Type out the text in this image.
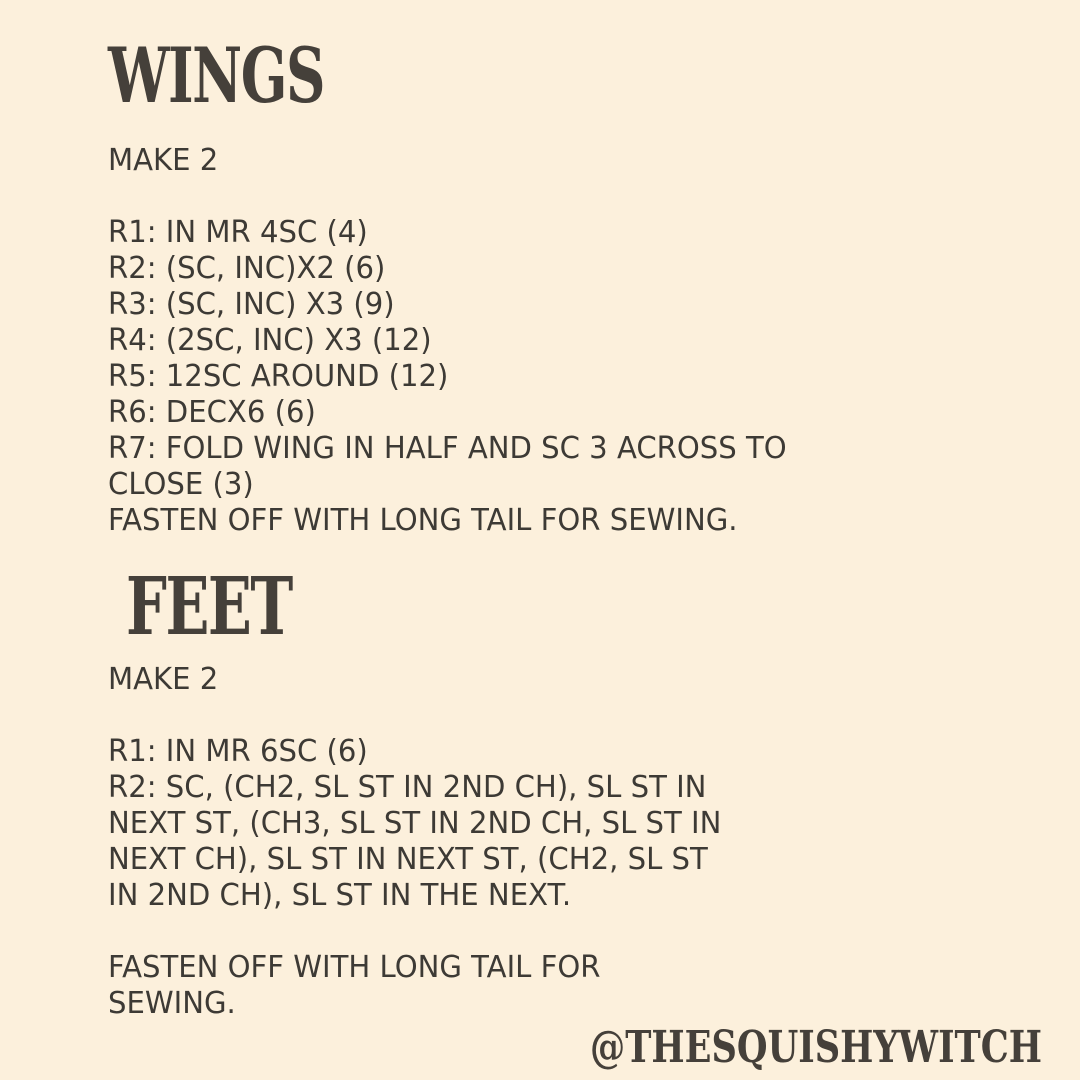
WINGS
MAKE 2
R1: IN MR 4SC (4)
R2: (SC, INC)X2 (6)
R3: (SC, INC) X3 (9)
R4: (2SC, INC) X3 (12)
R5: 12SC AROUND (12)
R6: DECX6 (6)
R7: FOLD WING IN HALF AND SC 3 ACROSS TO
CLOSE (3)
FASTEN OFF WITH LONG TAIL FOR SEWING.
FEET
MAKE 2
R1: IN MR 6SC (6)
R2: SC, (CH2, SL ST IN 2ND CH), SL ST IN
NEXT ST, (CH3, SL ST IN 2ND CH, SL ST IN
NEXT CH), SL ST IN NEXT ST, (CH2, SL ST
IN 2ND CH), SL ST IN THE NEXT.
FASTEN OFF WITH LONG TAIL FOR
SEWING.
@THESQUISHYWITCH
